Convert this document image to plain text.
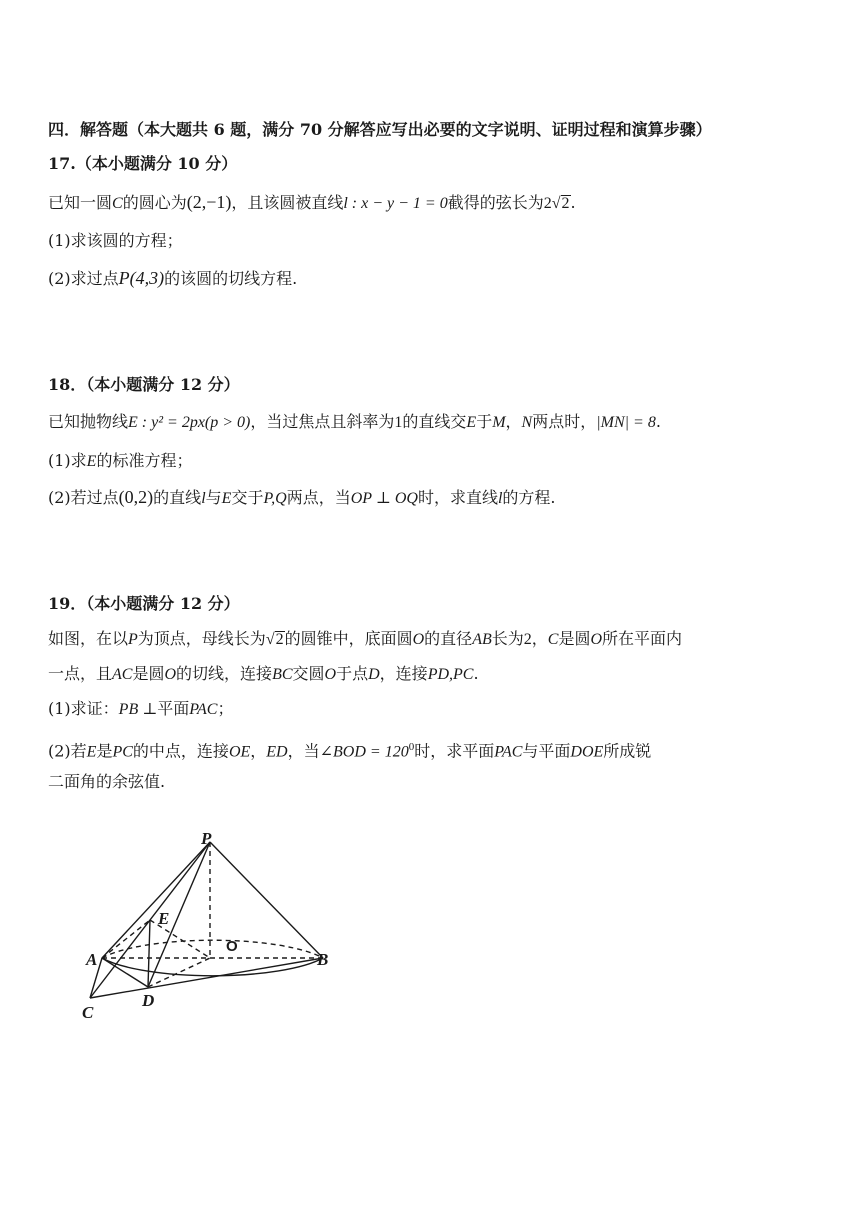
四．解答题（本大题共 6 题，满分 70 分解答应写出必要的文字说明、证明过程和演算步骤）
17.（本小题满分 10 分）
已知一圆C的圆心为(2,−1)，且该圆被直线l : x − y − 1 = 0截得的弦长为2√2.
(1)求该圆的方程；
(2)求过点P(4,3)的该圆的切线方程.
18．（本小题满分 12 分）
已知抛物线E : y² = 2px(p > 0)，当过焦点且斜率为1的直线交E于M，N两点时，|MN| = 8.
(1)求E的标准方程；
(2)若过点(0,2)的直线l与E交于P,Q两点，当OP ⊥ OQ时，求直线l的方程.
19．（本小题满分 12 分）
如图，在以P为顶点，母线长为√2的圆锥中，底面圆O的直径AB长为2，C是圆O所在平面内
一点，且AC是圆O的切线，连接BC交圆O于点D，连接PD,PC.
(1)求证：PB ⊥平面PAC；
(2)若E是PC的中点，连接OE，ED，当∠BOD = $120^0$时，求平面PAC与平面DOE所成锐
二面角的余弦值.
P
E
O
A	B
C
D
